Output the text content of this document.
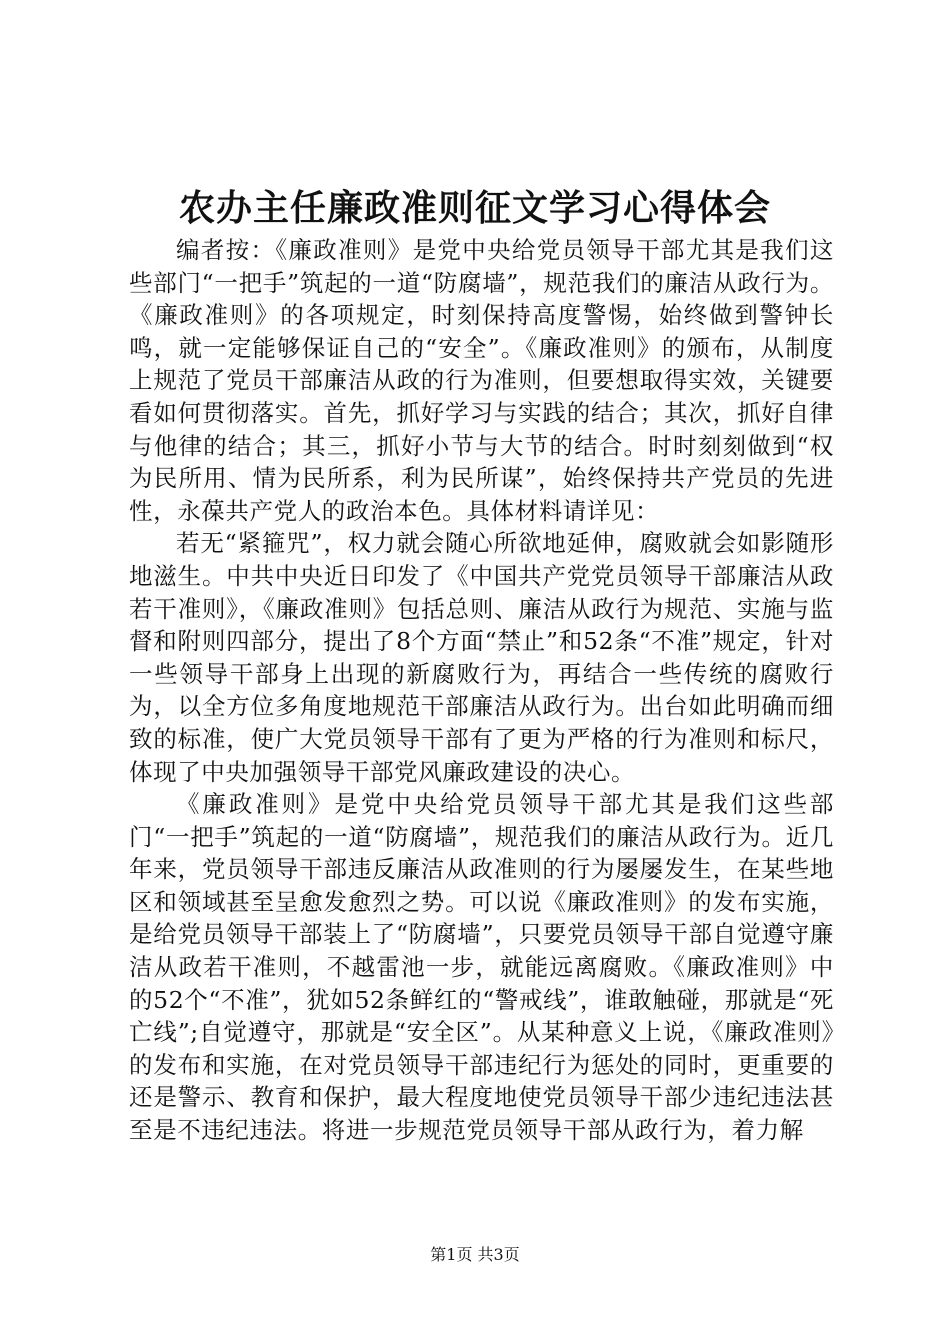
农办主任廉政准则征文学习心得体会

编者按：《廉政准则》是党中央给党员领导干部尤其是我们这些部门“一把手”筑起的一道“防腐墙”，规范我们的廉洁从政行为。《廉政准则》的各项规定，时刻保持高度警惕，始终做到警钟长鸣，就一定能够保证自己的“安全”。《廉政准则》的颁布，从制度上规范了党员干部廉洁从政的行为准则，但要想取得实效，关键要看如何贯彻落实。首先，抓好学习与实践的结合；其次，抓好自律与他律的结合；其三，抓好小节与大节的结合。时时刻刻做到“权为民所用、情为民所系，利为民所谋”，始终保持共产党员的先进性，永葆共产党人的政治本色。具体材料请详见：

若无“紧箍咒”，权力就会随心所欲地延伸，腐败就会如影随形地滋生。中共中央近日印发了《中国共产党党员领导干部廉洁从政若干准则》，《廉政准则》包括总则、廉洁从政行为规范、实施与监督和附则四部分，提出了8个方面“禁止”和52条“不准”规定，针对一些领导干部身上出现的新腐败行为，再结合一些传统的腐败行为，以全方位多角度地规范干部廉洁从政行为。出台如此明确而细致的标准，使广大党员领导干部有了更为严格的行为准则和标尺，体现了中央加强领导干部党风廉政建设的决心。

《廉政准则》是党中央给党员领导干部尤其是我们这些部门“一把手”筑起的一道“防腐墙”，规范我们的廉洁从政行为。近几年来，党员领导干部违反廉洁从政准则的行为屡屡发生，在某些地区和领域甚至呈愈发愈烈之势。可以说《廉政准则》的发布实施，是给党员领导干部装上了“防腐墙”，只要党员领导干部自觉遵守廉洁从政若干准则，不越雷池一步，就能远离腐败。《廉政准则》中的52个“不准”，犹如52条鲜红的“警戒线”，谁敢触碰，那就是“死亡线”;自觉遵守，那就是“安全区”。从某种意义上说，《廉政准则》的发布和实施，在对党员领导干部违纪行为惩处的同时，更重要的还是警示、教育和保护，最大程度地使党员领导干部少违纪违法甚至是不违纪违法。将进一步规范党员领导干部从政行为，着力解

第1页 共3页
